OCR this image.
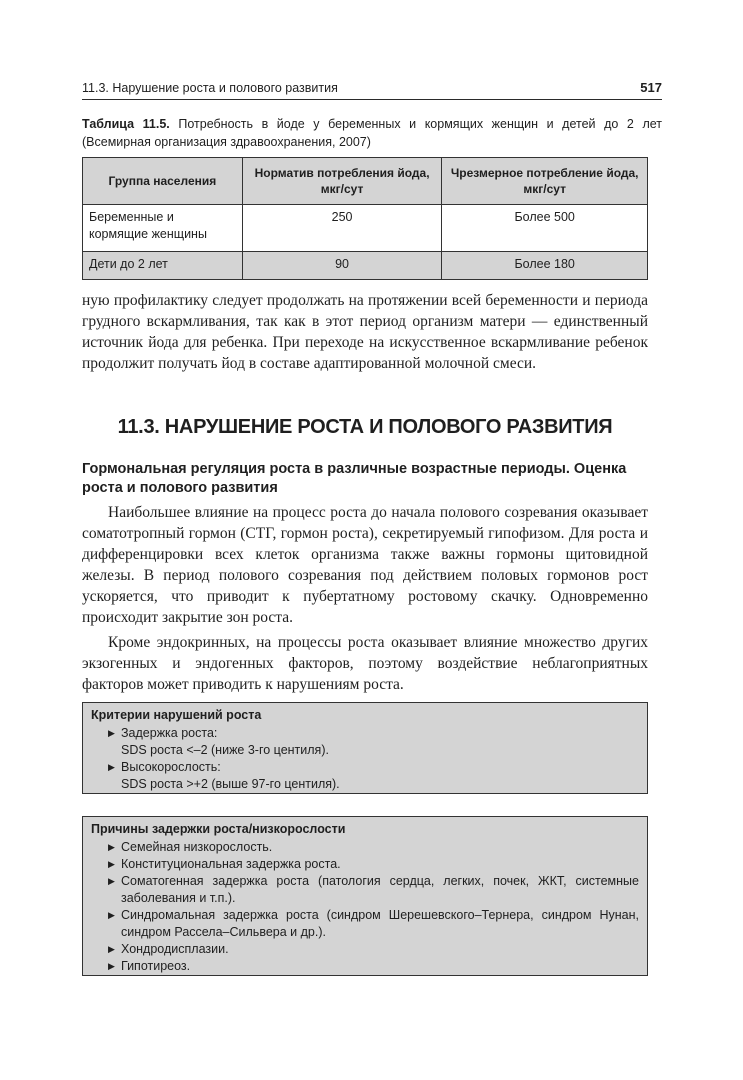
11.3. Нарушение роста и полового развития	517
Таблица 11.5. Потребность в йоде у беременных и кормящих женщин и детей до 2 лет (Всемирная организация здравоохранения, 2007)
Группа населения	Норматив потребления йода, мкг/сут	Чрезмерное потребление йода, мкг/сут
Беременные и кормящие женщины	250	Более 500
Дети до 2 лет	90	Более 180

ную профилактику следует продолжать на протяжении всей беременности и периода грудного вскармливания, так как в этот период организм матери — единственный источник йода для ребенка. При переходе на искусственное вскармливание ребенок продолжит получать йод в составе адаптированной молочной смеси.

11.3. НАРУШЕНИЕ РОСТА И ПОЛОВОГО РАЗВИТИЯ
Гормональная регуляция роста в различные возрастные периоды. Оценка роста и полового развития

Наибольшее влияние на процесс роста до начала полового созревания оказывает соматотропный гормон (СТГ, гормон роста), секретируемый гипофизом. Для роста и дифференцировки всех клеток организма также важны гормоны щитовидной железы. В период полового созревания под действием половых гормонов рост ускоряется, что приводит к пубертатному ростовому скачку. Одновременно происходит закрытие зон роста.

Кроме эндокринных, на процессы роста оказывает влияние множество других экзогенных и эндогенных факторов, поэтому воздействие неблагоприятных факторов может приводить к нарушениям роста.

Критерии нарушений роста
▶ Задержка роста:
SDS роста <–2 (ниже 3-го центиля).
▶ Высокорослость:
SDS роста >+2 (выше 97-го центиля).
Причины задержки роста/низкорослости
▶ Семейная низкорослость.
▶ Конституциональная задержка роста.
▶ Соматогенная задержка роста (патология сердца, легких, почек, ЖКТ, системные заболевания и т.п.).
▶ Синдромальная задержка роста (синдром Шерешевского–Тернера, синдром Нунан, синдром Рассела–Сильвера и др.).
▶ Хондродисплазии.
▶ Гипотиреоз.
